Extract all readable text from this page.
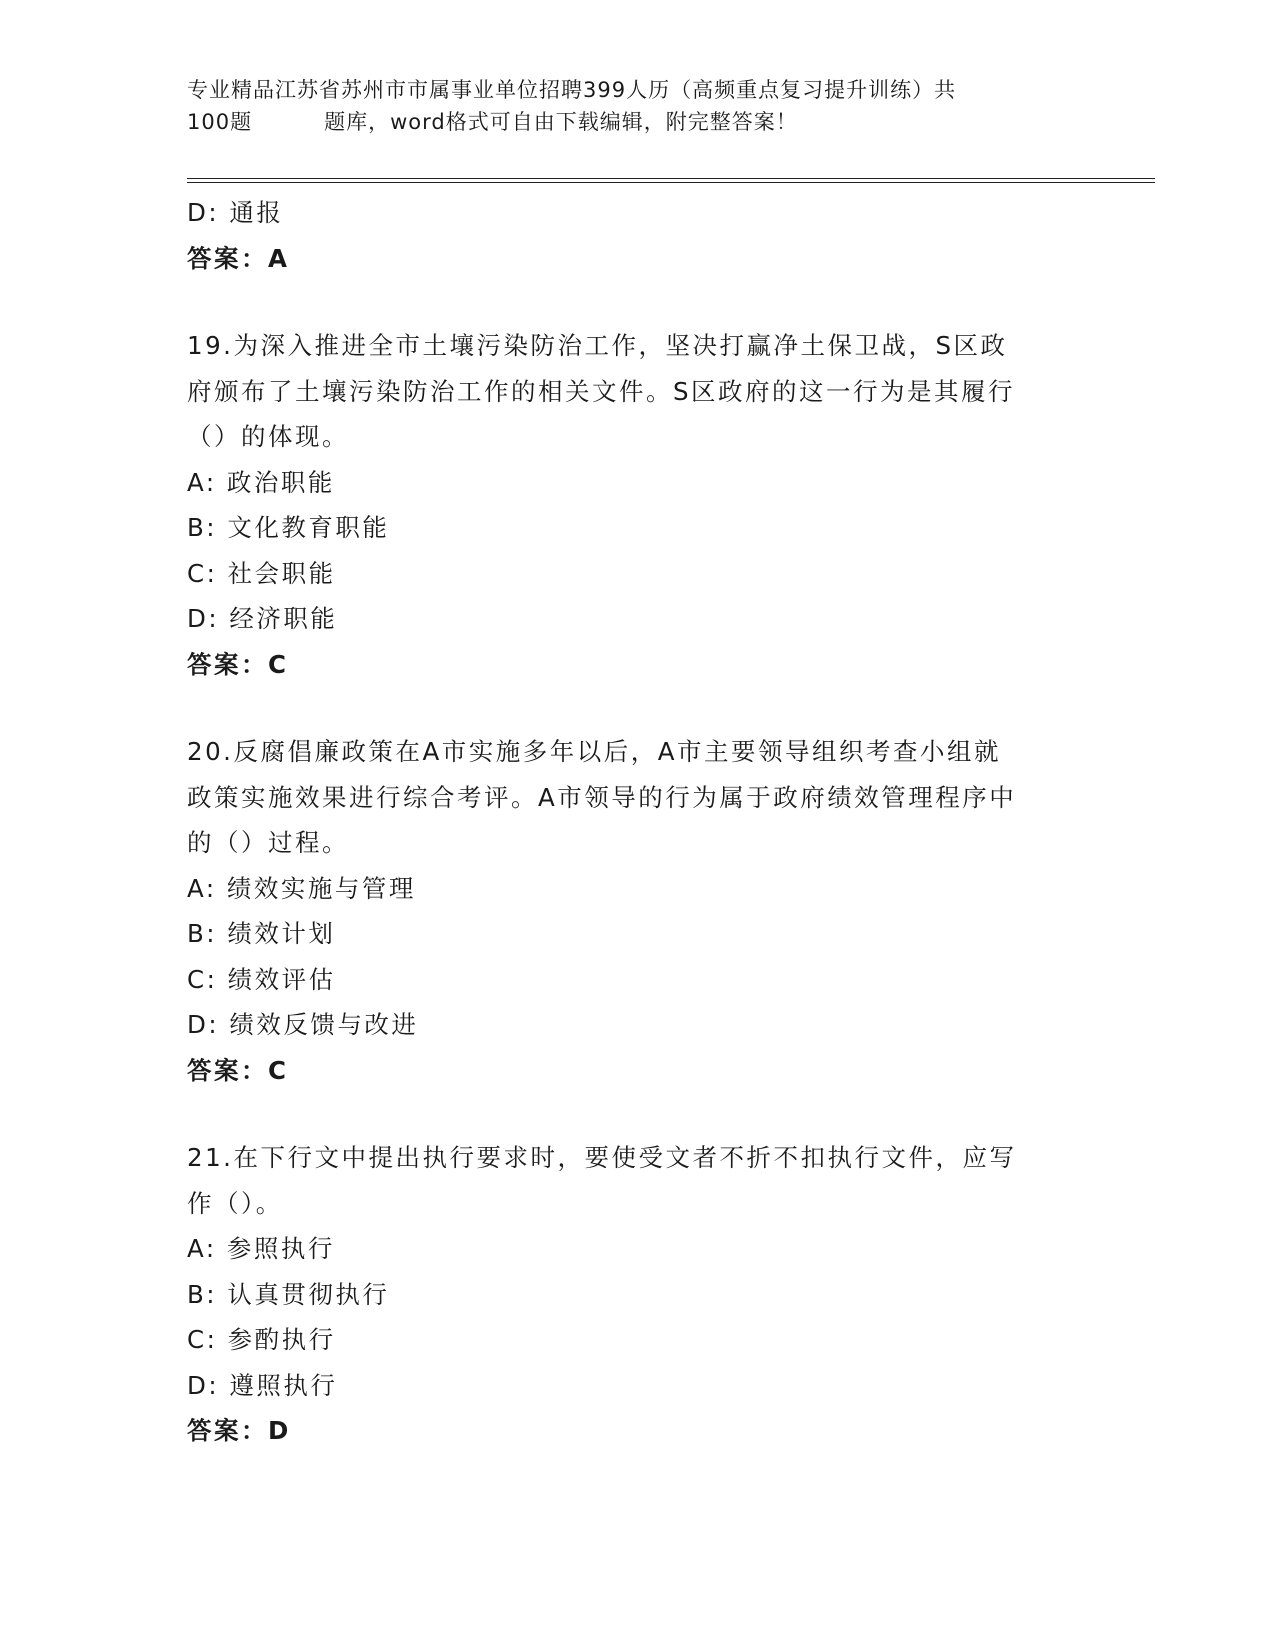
专业精品江苏省苏州市市属事业单位招聘399人历（高频重点复习提升训练）共
100题	题库，word格式可自由下载编辑，附完整答案！
D: 通报
答案：A
19.为深入推进全市土壤污染防治工作，坚决打赢净土保卫战，S区政
府颁布了土壤污染防治工作的相关文件。S区政府的这一行为是其履行
（）的体现。
A: 政治职能
B: 文化教育职能
C: 社会职能
D: 经济职能
答案：C
20.反腐倡廉政策在A市实施多年以后，A市主要领导组织考查小组就
政策实施效果进行综合考评。A市领导的行为属于政府绩效管理程序中
的（）过程。
A: 绩效实施与管理
B: 绩效计划
C: 绩效评估
D: 绩效反馈与改进
答案：C
21.在下行文中提出执行要求时，要使受文者不折不扣执行文件，应写
作（）。
A: 参照执行
B: 认真贯彻执行
C: 参酌执行
D: 遵照执行
答案：D
